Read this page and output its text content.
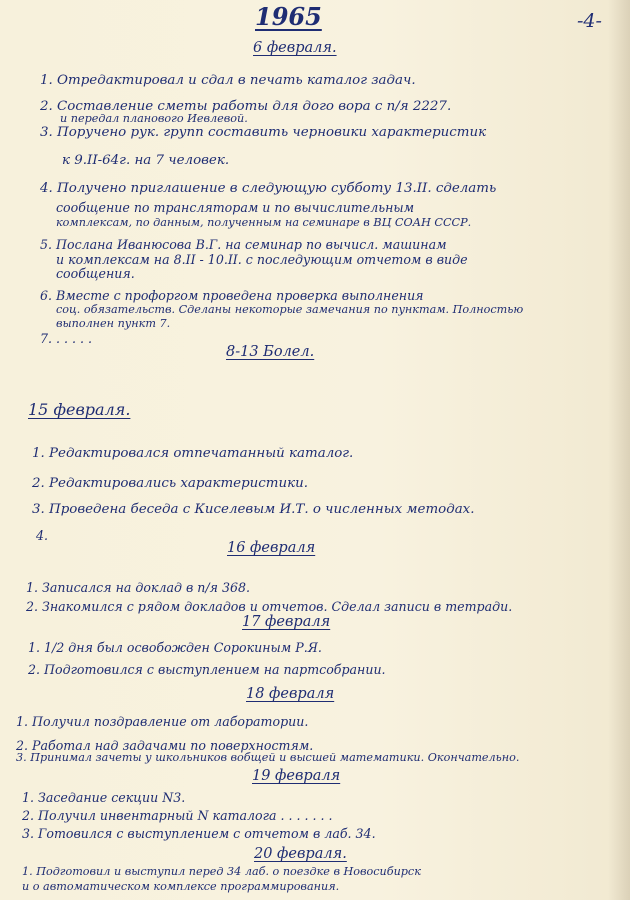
1965	-4-
6 февраля.
1. Отредактировал и сдал в печать каталог задач.
2. Составление сметы работы для дого вора с п/я 2227.
и передал планового Иевлевой.
3. Поручено рук. групп составить черновики характеристик
к 9.II-64г. на 7 человек.
4. Получено приглашение в следующую субботу 13.II. сделать
сообщение по трансляторам и по вычислительным
комплексам, по данным, полученным на семинаре в ВЦ СОАН СССР.
5. Послана Иванюсова В.Г. на семинар по вычисл. машинам
и комплексам на 8.II - 10.II. с последующим отчетом в виде
сообщения.
6. Вместе с профоргом проведена проверка выполнения
соц. обязательств. Сделаны некоторые замечания по пунктам. Полностью
выполнен пункт 7.
7. . . . . .
8-13 Болел.
15 февраля.
1. Редактировался отпечатанный каталог.
2. Редактировались характеристики.
3. Проведена беседа с Киселевым И.Т. о численных методах.
4.
16 февраля
1. Записался на доклад в п/я 368.
2. Знакомился с рядом докладов и отчетов. Сделал записи в тетради.
17 февраля
1. 1/2 дня был освобожден Сорокиным Р.Я.
2. Подготовился с выступлением на партсобрании.
18 февраля
1. Получил поздравление от лаборатории.
2. Работал над задачами по поверхностям.
3. Принимал зачеты у школьников вобщей и высшей математики. Окончательно.
19 февраля
1. Заседание секции N3.
2. Получил инвентарный N каталога . . . . . . .
3. Готовился с выступлением с отчетом в лаб. 34.
20 февраля.
1. Подготовил и выступил перед 34 лаб. о поездке в Новосибирск
и о автоматическом комплексе программирования.
